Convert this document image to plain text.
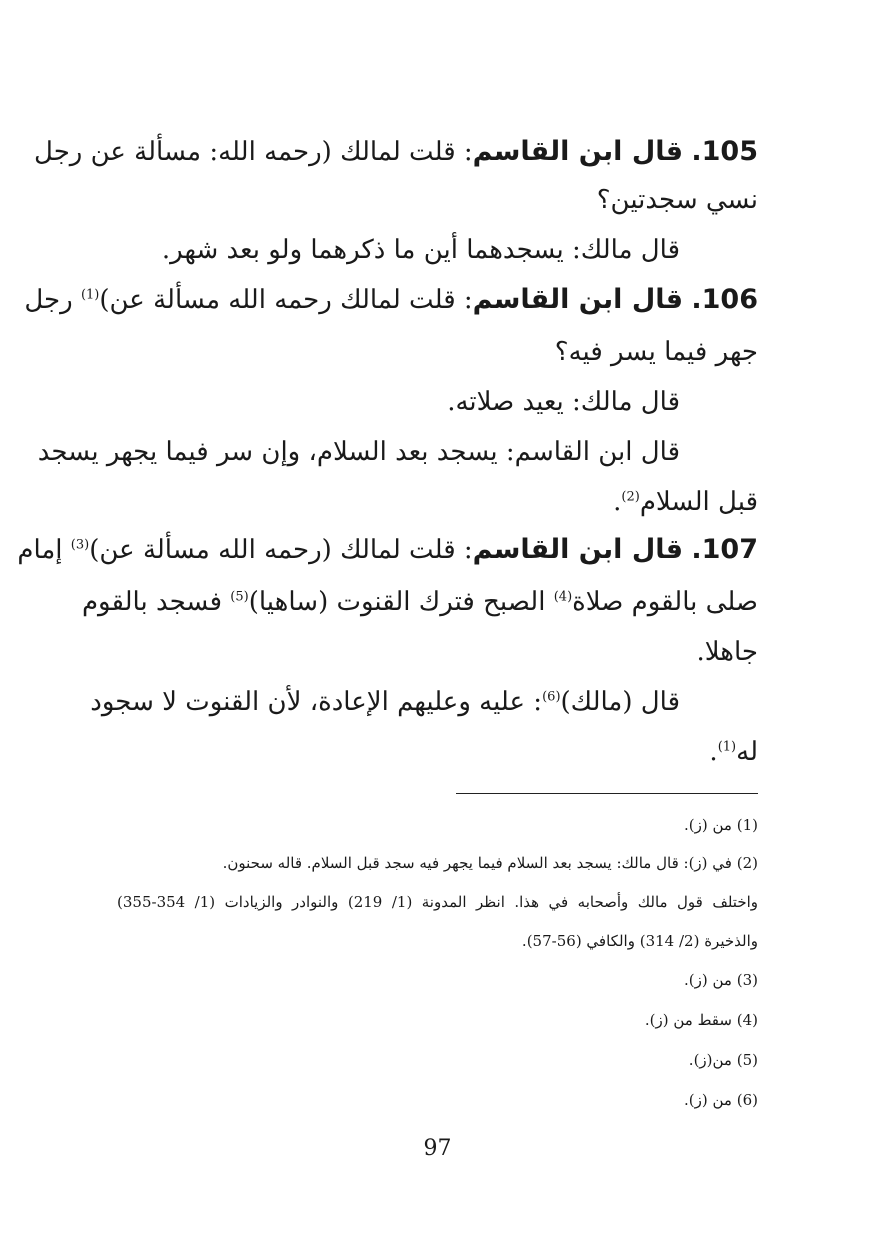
105. قال ابن القاسم: قلت لمالك (رحمه الله: مسألة عن رجل
نسي سجدتين؟
قال مالك: يسجدهما أين ما ذكرهما ولو بعد شهر.
106. قال ابن القاسم: قلت لمالك رحمه الله مسألة عن)$^{(1)}$ رجل
جهر فيما يسر فيه؟
قال مالك: يعيد صلاته.
قال ابن القاسم: يسجد بعد السلام، وإن سر فيما يجهر يسجد
قبل السلام$^{(2)}$.
107. قال ابن القاسم: قلت لمالك (رحمه الله مسألة عن)$^{(3)}$ إمام
صلى بالقوم صلاة$^{(4)}$ الصبح فترك القنوت (ساهيا)$^{(5)}$ فسجد بالقوم
جاهلا.
قال (مالك)$^{(6)}$: عليه وعليهم الإعادة، لأن القنوت لا سجود
له$^{(1)}$.
(1) من (ز).
(2) في (ز): قال مالك: يسجد بعد السلام فيما يجهر فيه سجد قبل السلام. قاله سحنون.
واختلف قول مالك وأصحابه في هذا. انظر المدونة (1/ 219) والنوادر والزيادات (1/ 354-355)
والذخيرة (2/ 314) والكافي (56-57).
(3) من (ز).
(4) سقط من (ز).
(5) من(ز).
(6) من (ز).
97
